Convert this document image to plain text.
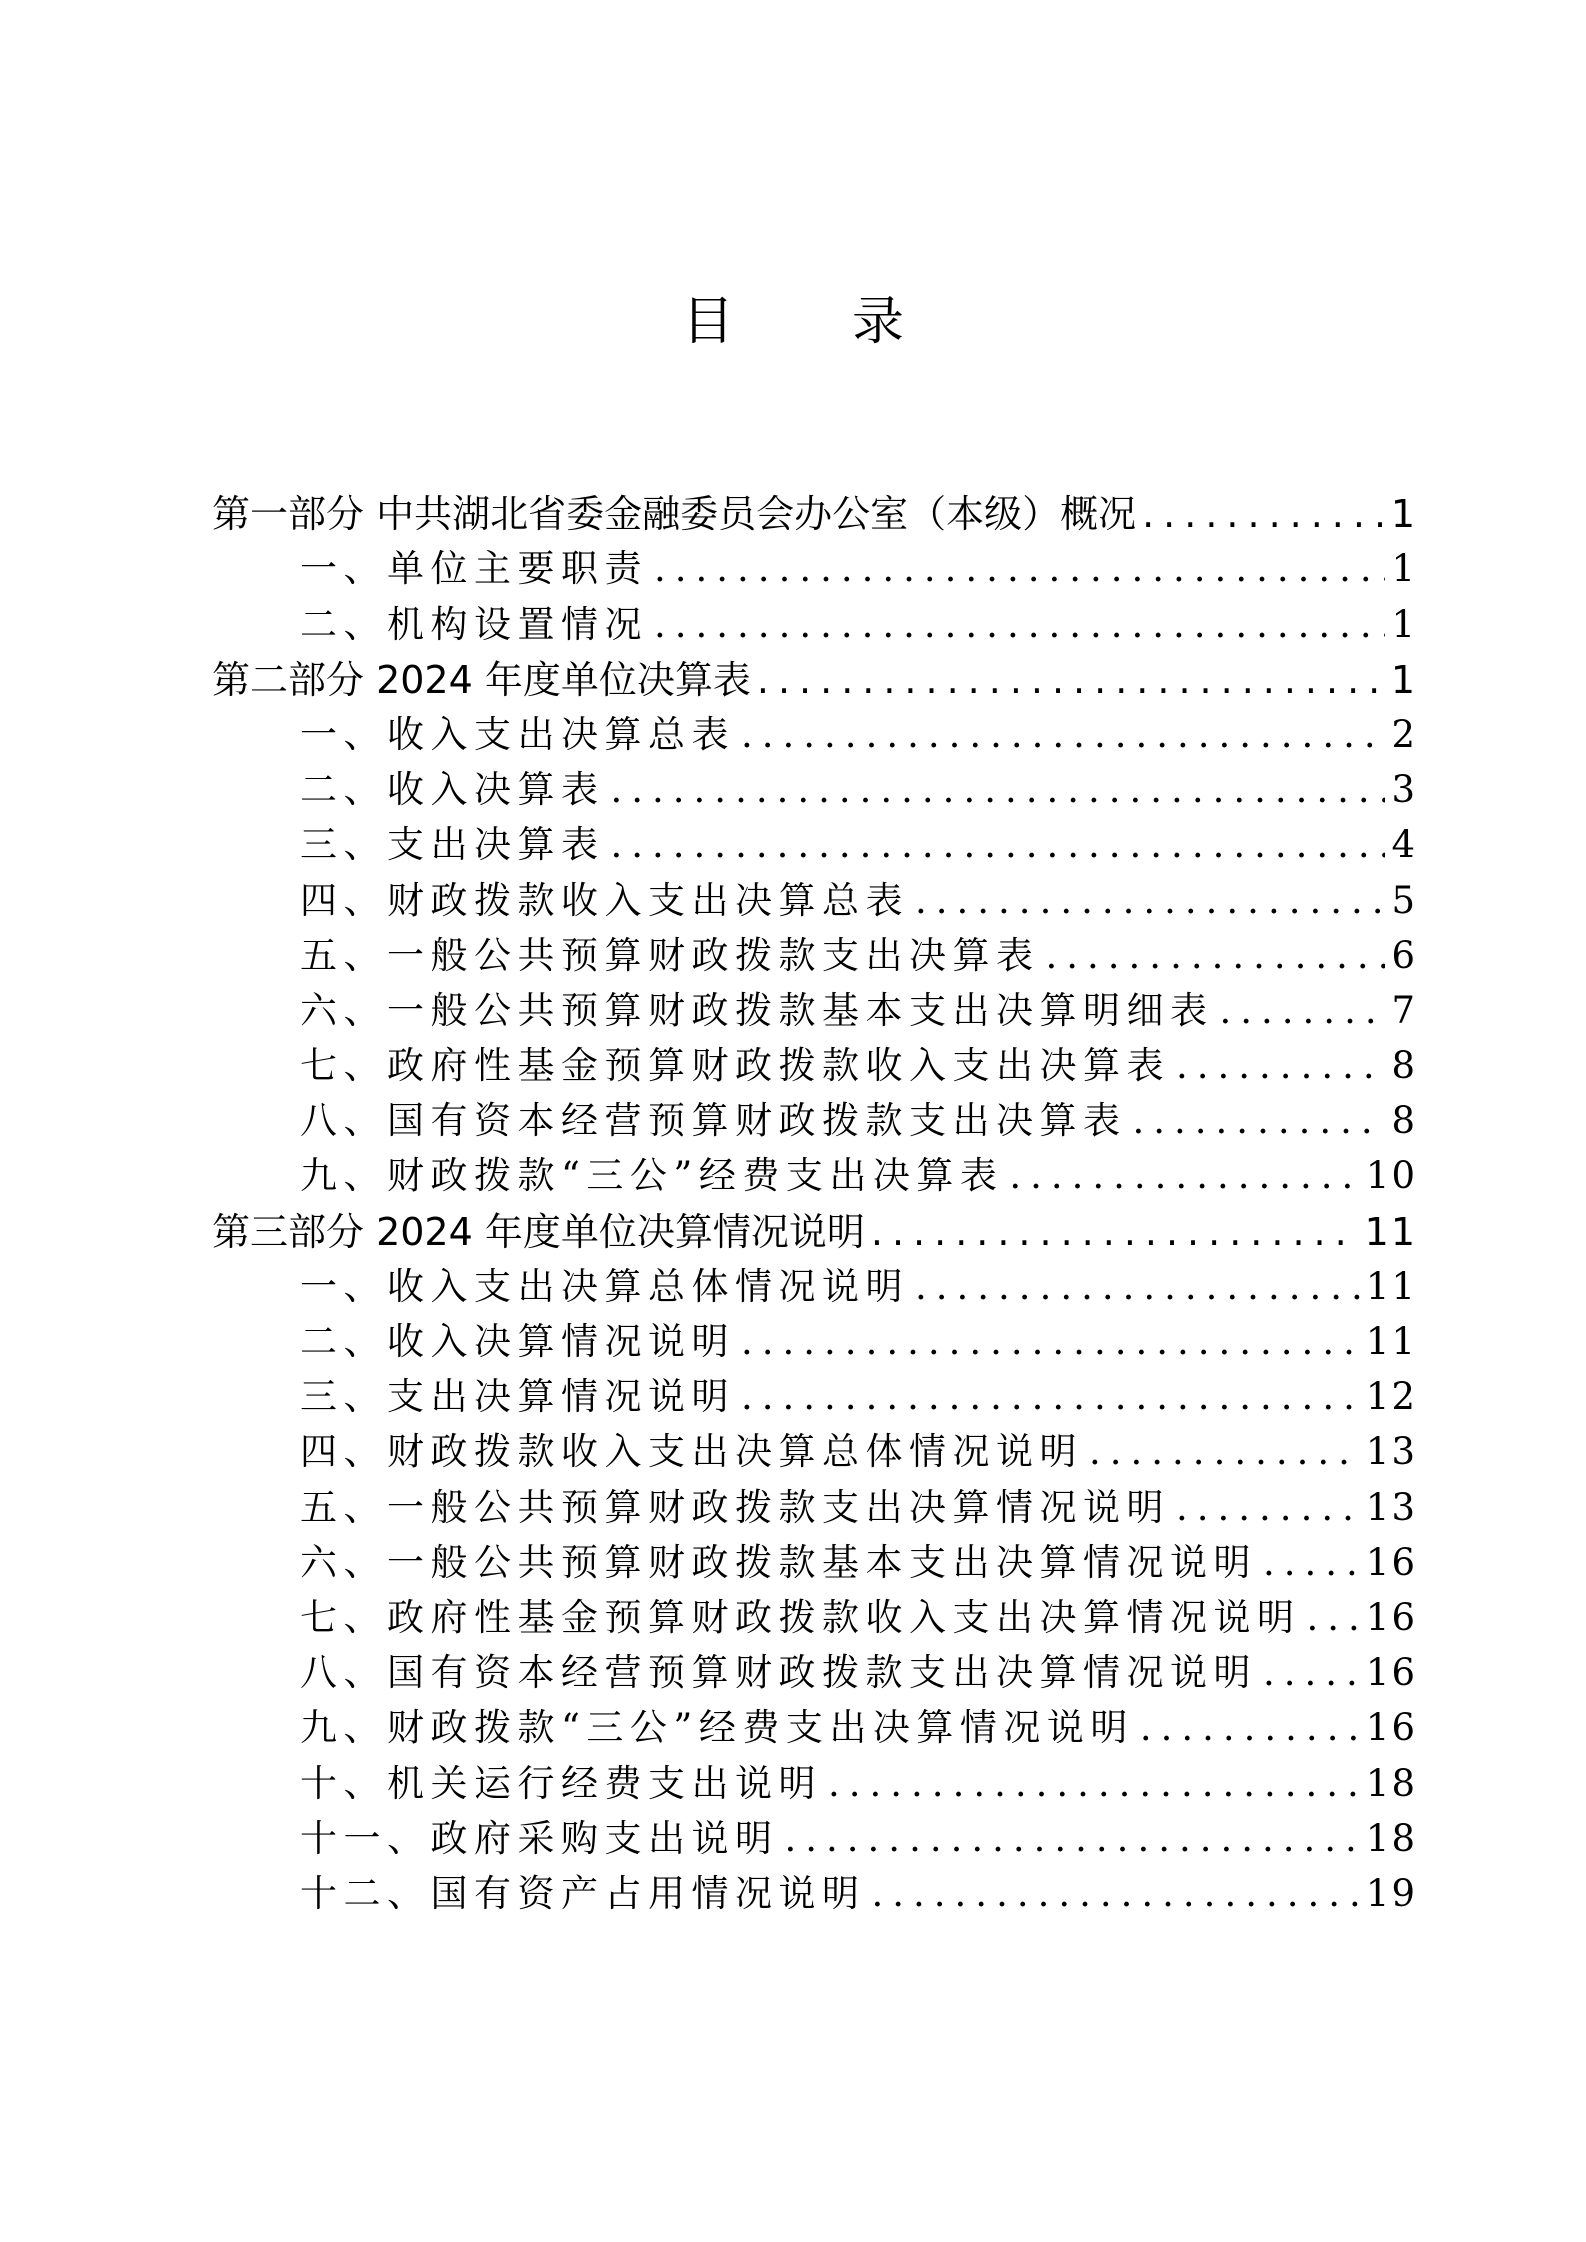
目 录
第一部分 中共湖北省委金融委员会办公室（本级）概况 .....	1
一、单位主要职责 .....	1
二、机构设置情况 .....	1
第二部分 2024 年度单位决算表 .....	1
一、收入支出决算总表 .....	2
二、收入决算表 .....	3
三、支出决算表 .....	4
四、财政拨款收入支出决算总表 .....	5
五、一般公共预算财政拨款支出决算表 .....	6
六、一般公共预算财政拨款基本支出决算明细表 .....	7
七、政府性基金预算财政拨款收入支出决算表 .....	8
八、国有资本经营预算财政拨款支出决算表 .....	8
九、财政拨款“三公”经费支出决算表 .....	10
第三部分 2024 年度单位决算情况说明 .....	11
一、收入支出决算总体情况说明 .....	11
二、收入决算情况说明 .....	11
三、支出决算情况说明 .....	12
四、财政拨款收入支出决算总体情况说明 .....	13
五、一般公共预算财政拨款支出决算情况说明 .....	13
六、一般公共预算财政拨款基本支出决算情况说明 .....	16
七、政府性基金预算财政拨款收入支出决算情况说明 ..... 16
八、国有资本经营预算财政拨款支出决算情况说明 .....	16
九、财政拨款“三公”经费支出决算情况说明 .....	16
十、机关运行经费支出说明 .....	18
十一、政府采购支出说明 .....	18
十二、国有资产占用情况说明 .....	19
